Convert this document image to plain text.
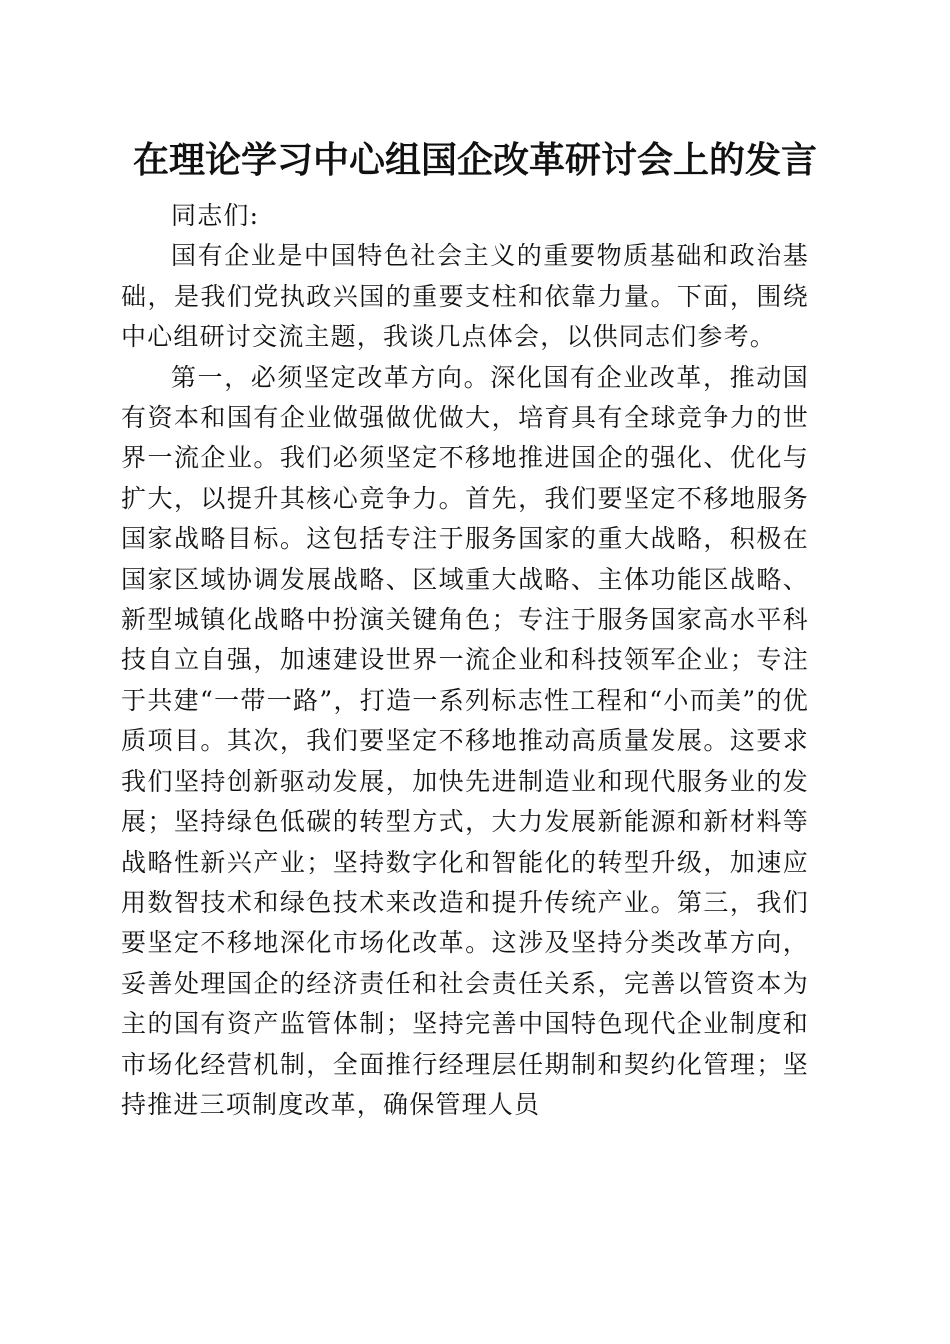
在理论学习中心组国企改革研讨会上的发言

同志们:

国有企业是中国特色社会主义的重要物质基础和政治基础，是我们党执政兴国的重要支柱和依靠力量。下面，围绕中心组研讨交流主题，我谈几点体会，以供同志们参考。

第一，必须坚定改革方向。深化国有企业改革，推动国有资本和国有企业做强做优做大，培育具有全球竞争力的世界一流企业。我们必须坚定不移地推进国企的强化、优化与扩大，以提升其核心竞争力。首先，我们要坚定不移地服务国家战略目标。这包括专注于服务国家的重大战略，积极在国家区域协调发展战略、区域重大战略、主体功能区战略、新型城镇化战略中扮演关键角色；专注于服务国家高水平科技自立自强，加速建设世界一流企业和科技领军企业；专注于共建“一带一路”，打造一系列标志性工程和“小而美”的优质项目。其次，我们要坚定不移地推动高质量发展。这要求我们坚持创新驱动发展，加快先进制造业和现代服务业的发展；坚持绿色低碳的转型方式，大力发展新能源和新材料等战略性新兴产业；坚持数字化和智能化的转型升级，加速应用数智技术和绿色技术来改造和提升传统产业。第三，我们要坚定不移地深化市场化改革。这涉及坚持分类改革方向，妥善处理国企的经济责任和社会责任关系，完善以管资本为主的国有资产监管体制；坚持完善中国特色现代企业制度和市场化经营机制，全面推行经理层任期制和契约化管理；坚持推进三项制度改革，确保管理人员
